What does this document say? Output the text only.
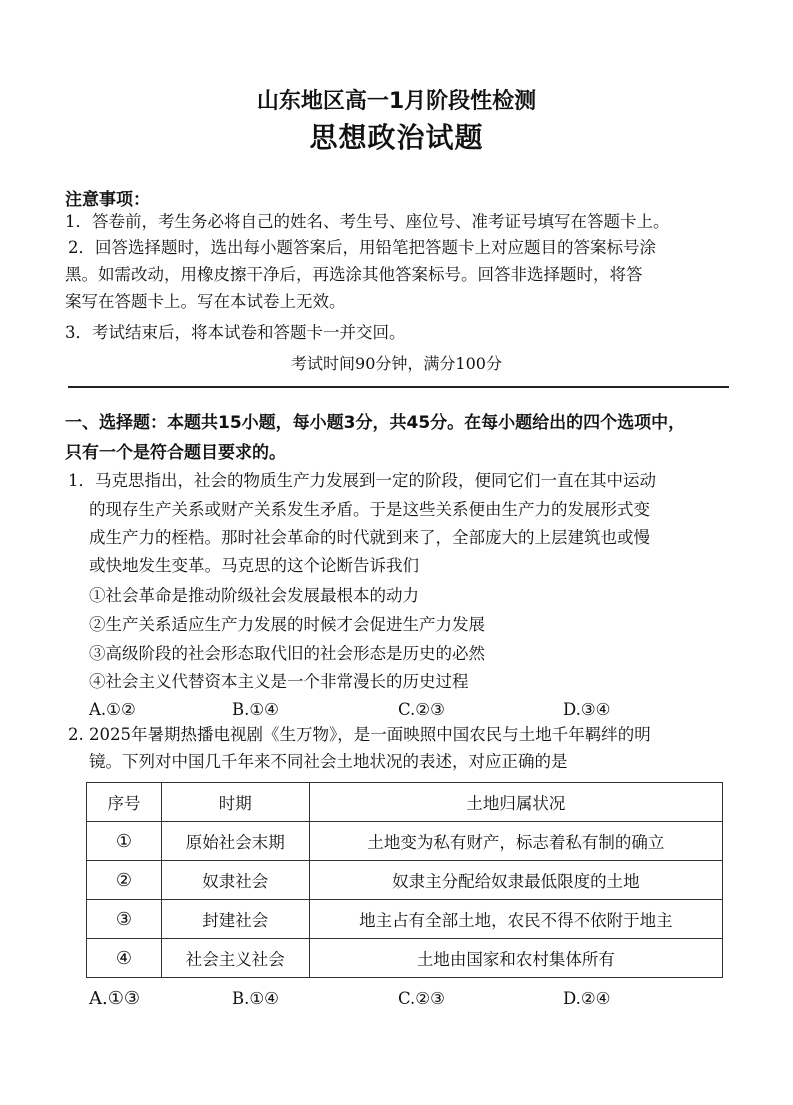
山东地区高一1月阶段性检测
思想政治试题
注意事项：
1．答卷前，考生务必将自己的姓名、考生号、座位号、准考证号填写在答题卡上。
2．回答选择题时，选出每小题答案后，用铅笔把答题卡上对应题目的答案标号涂
黑。如需改动，用橡皮擦干净后，再选涂其他答案标号。回答非选择题时，将答
案写在答题卡上。写在本试卷上无效。
3．考试结束后，将本试卷和答题卡一并交回。
考试时间90分钟，满分100分
一、选择题：本题共15小题，每小题3分，共45分。在每小题给出的四个选项中，
只有一个是符合题目要求的。
1．马克思指出，社会的物质生产力发展到一定的阶段，便同它们一直在其中运动
的现存生产关系或财产关系发生矛盾。于是这些关系便由生产力的发展形式变
成生产力的桎梏。那时社会革命的时代就到来了，全部庞大的上层建筑也或慢
或快地发生变革。马克思的这个论断告诉我们
①社会革命是推动阶级社会发展最根本的动力
②生产关系适应生产力发展的时候才会促进生产力发展
③高级阶段的社会形态取代旧的社会形态是历史的必然
④社会主义代替资本主义是一个非常漫长的历史过程
A.①②	B.①④	C.②③	D.③④
2. 2025年暑期热播电视剧《生万物》，是一面映照中国农民与土地千年羁绊的明
镜。下列对中国几千年来不同社会土地状况的表述，对应正确的是
序号	时期	土地归属状况
①	原始社会末期	土地变为私有财产，标志着私有制的确立
②	奴隶社会	奴隶主分配给奴隶最低限度的土地
③	封建社会	地主占有全部土地，农民不得不依附于地主
④	社会主义社会	土地由国家和农村集体所有
A.①③	B.①④	C.②③	D.②④
